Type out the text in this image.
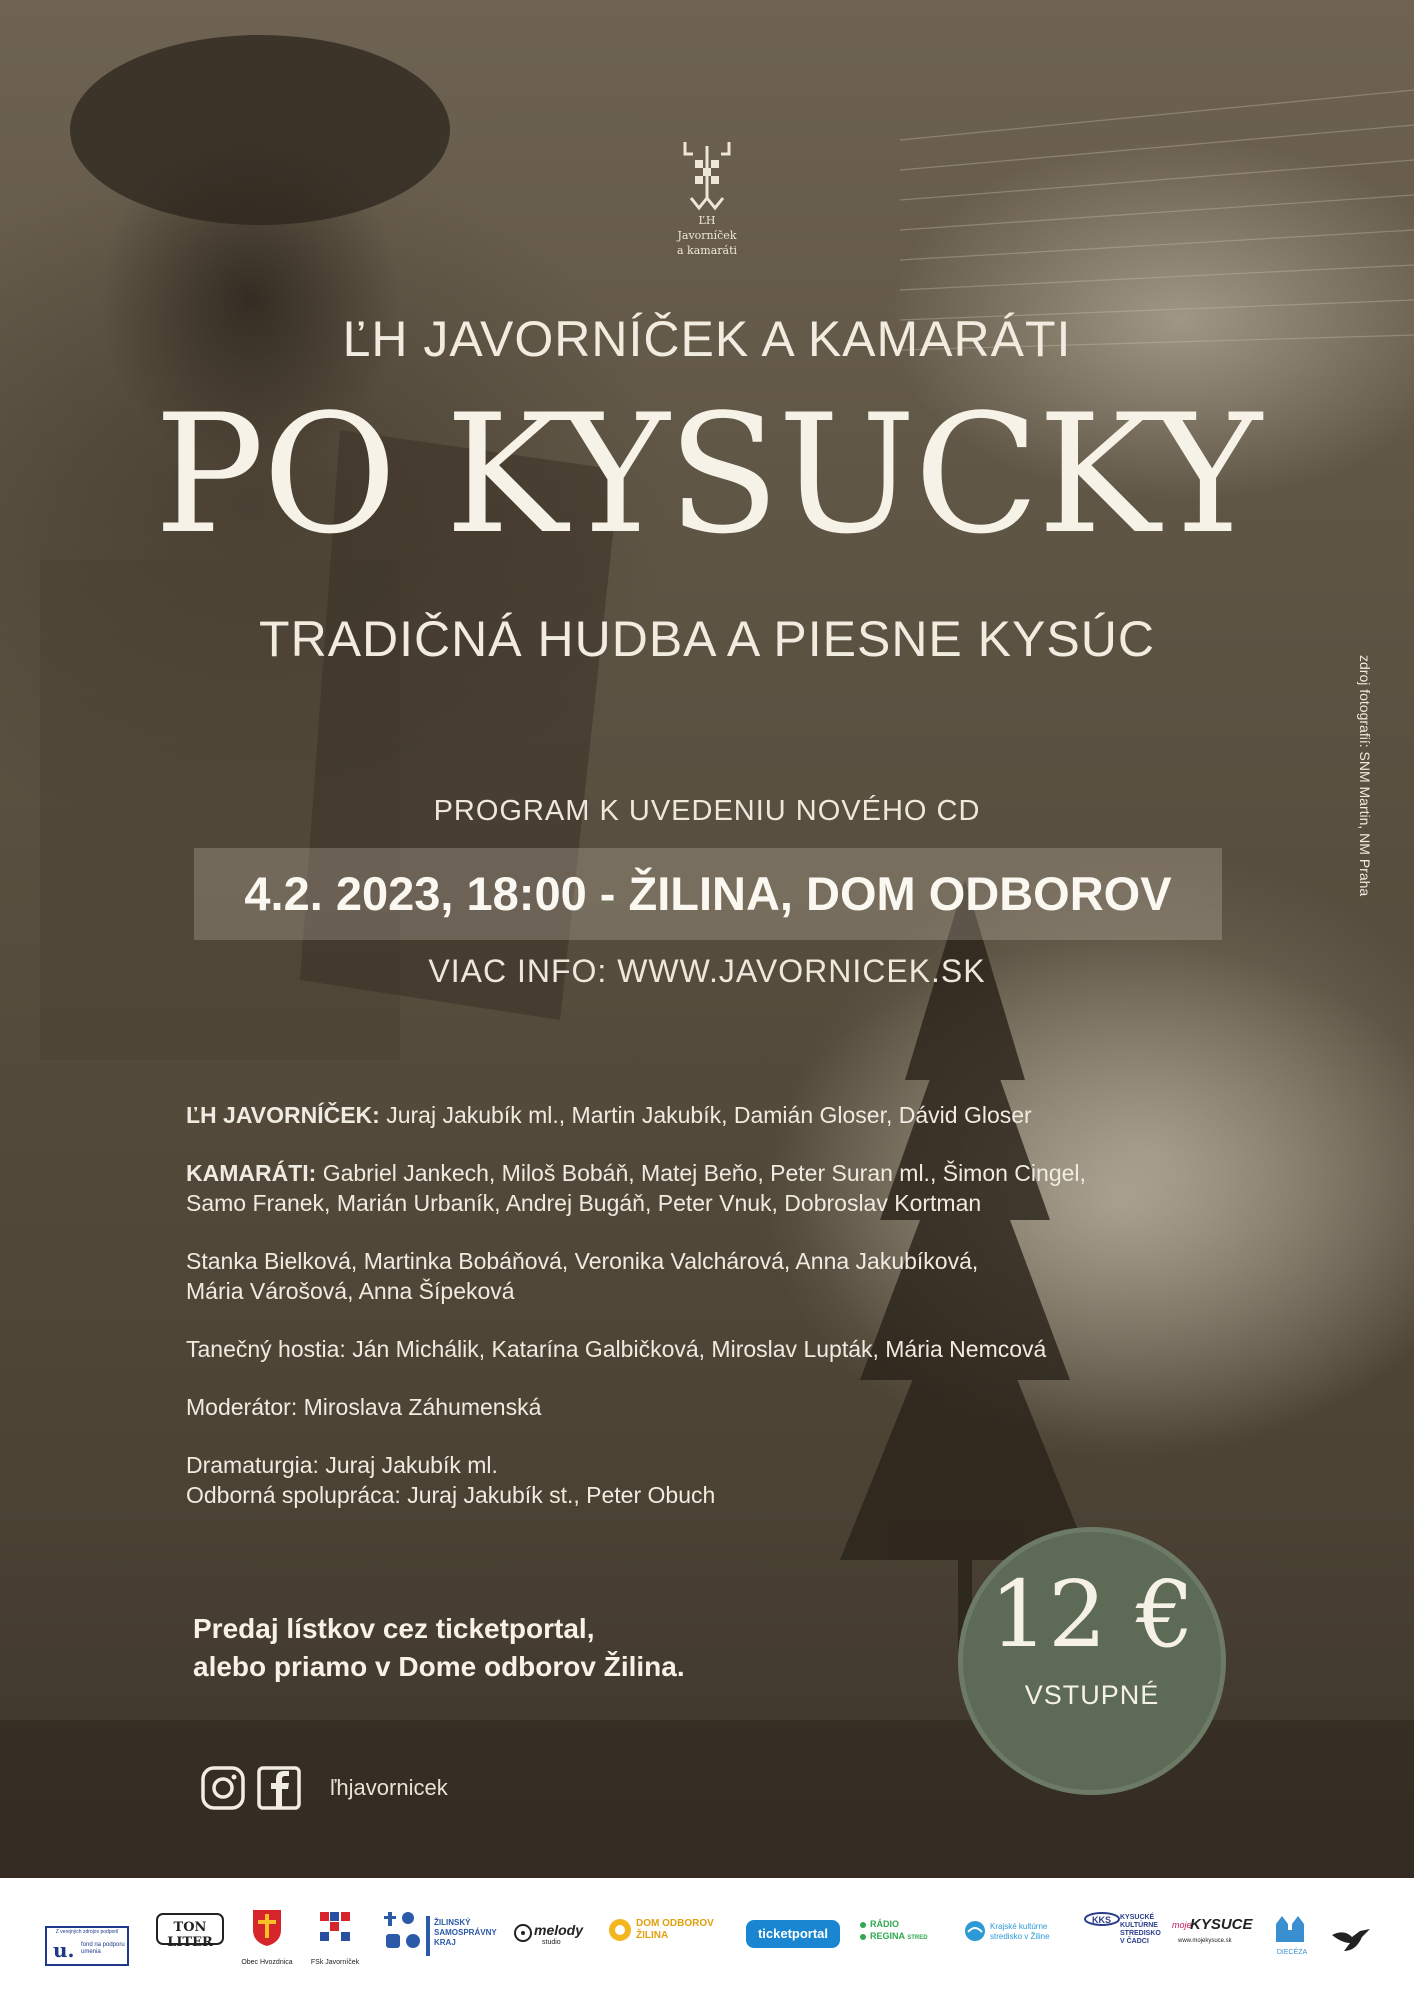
ĽH
Javorníček
a kamaráti
ĽH JAVORNÍČEK A KAMARÁTI
PO KYSUCKY
TRADIČNÁ HUDBA A PIESNE KYSÚC
PROGRAM K UVEDENIU NOVÉHO CD
4.2. 2023, 18:00 - ŽILINA, DOM ODBOROV
VIAC INFO: WWW.JAVORNICEK.SK

ĽH JAVORNÍČEK: Juraj Jakubík ml., Martin Jakubík, Damián Gloser, Dávid Gloser

KAMARÁTI: Gabriel Jankech, Miloš Bobáň, Matej Beňo, Peter Suran ml., Šimon Cingel,
Samo Franek, Marián Urbaník, Andrej Bugáň, Peter Vnuk, Dobroslav Kortman

Stanka Bielková, Martinka Bobáňová, Veronika Valchárová, Anna Jakubíková,
Mária Várošová, Anna Šípeková

Tanečný hostia: Ján Michálik, Katarína Galbičková, Miroslav Lupták, Mária Nemcová

Moderátor: Miroslava Záhumenská

Dramaturgia: Juraj Jakubík ml.
Odborná spolupráca: Juraj Jakubík st., Peter Obuch

Predaj lístkov cez ticketportal,
alebo priamo v Dome odborov Žilina.	12 €
VSTUPNÉ
ľhjavornicek
zdroj fotografií: SNM Martin, NM Praha
Z verejných zdrojov podporil
u. fond na podporu umenia
TON LITER
Obec Hvozdnica	FSk Javorníček
ŽILINSKÝ
SAMOSPRÁVNY
KRAJ
melody
studio
DOM ODBOROV
ŽILINA	ticketportal
RÁDIO
REGINA STRED
Krajské kultúrne
stredisko v Žiline
KKS KYSUCKÉ
KULTÚRNE
STREDISKO
V ČADCI
moje
KYSUCE
www.mojekysuce.sk
DIECÉZA
